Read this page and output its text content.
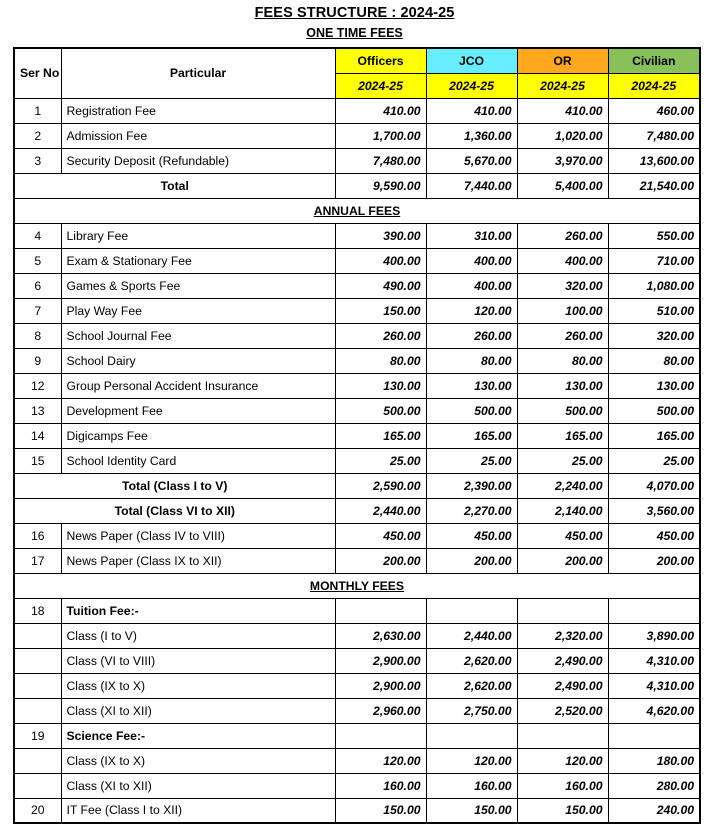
FEES STRUCTURE : 2024-25
ONE TIME FEES
Ser No	Particular	Officers	JCO	OR	Civilian
		2024-25	2024-25	2024-25	2024-25
1	Registration Fee	410.00	410.00	410.00	460.00
2	Admission Fee	1,700.00	1,360.00	1,020.00	7,480.00
3	Security Deposit (Refundable)	7,480.00	5,670.00	3,970.00	13,600.00
Total		9,590.00	7,440.00	5,400.00	21,540.00
ANNUAL FEES					
4	Library Fee	390.00	310.00	260.00	550.00
5	Exam & Stationary Fee	400.00	400.00	400.00	710.00
6	Games & Sports Fee	490.00	400.00	320.00	1,080.00
7	Play Way Fee	150.00	120.00	100.00	510.00
8	School Journal Fee	260.00	260.00	260.00	320.00
9	School Dairy	80.00	80.00	80.00	80.00
12	Group Personal Accident Insurance	130.00	130.00	130.00	130.00
13	Development Fee	500.00	500.00	500.00	500.00
14	Digicamps Fee	165.00	165.00	165.00	165.00
15	School Identity Card	25.00	25.00	25.00	25.00
Total (Class I to V)		2,590.00	2,390.00	2,240.00	4,070.00
Total (Class VI to XII)		2,440.00	2,270.00	2,140.00	3,560.00
16	News Paper (Class IV to VIII)	450.00	450.00	450.00	450.00
17	News Paper (Class IX to XII)	200.00	200.00	200.00	200.00
MONTHLY FEES					
18	Tuition Fee:-				
	Class (I to V)	2,630.00	2,440.00	2,320.00	3,890.00
	Class (VI to VIII)	2,900.00	2,620.00	2,490.00	4,310.00
	Class (IX to X)	2,900.00	2,620.00	2,490.00	4,310.00
	Class (XI to XII)	2,960.00	2,750.00	2,520.00	4,620.00
19	Science Fee:-				
	Class (IX to X)	120.00	120.00	120.00	180.00
	Class (XI to XII)	160.00	160.00	160.00	280.00
20	IT Fee (Class I to XII)	150.00	150.00	150.00	240.00
